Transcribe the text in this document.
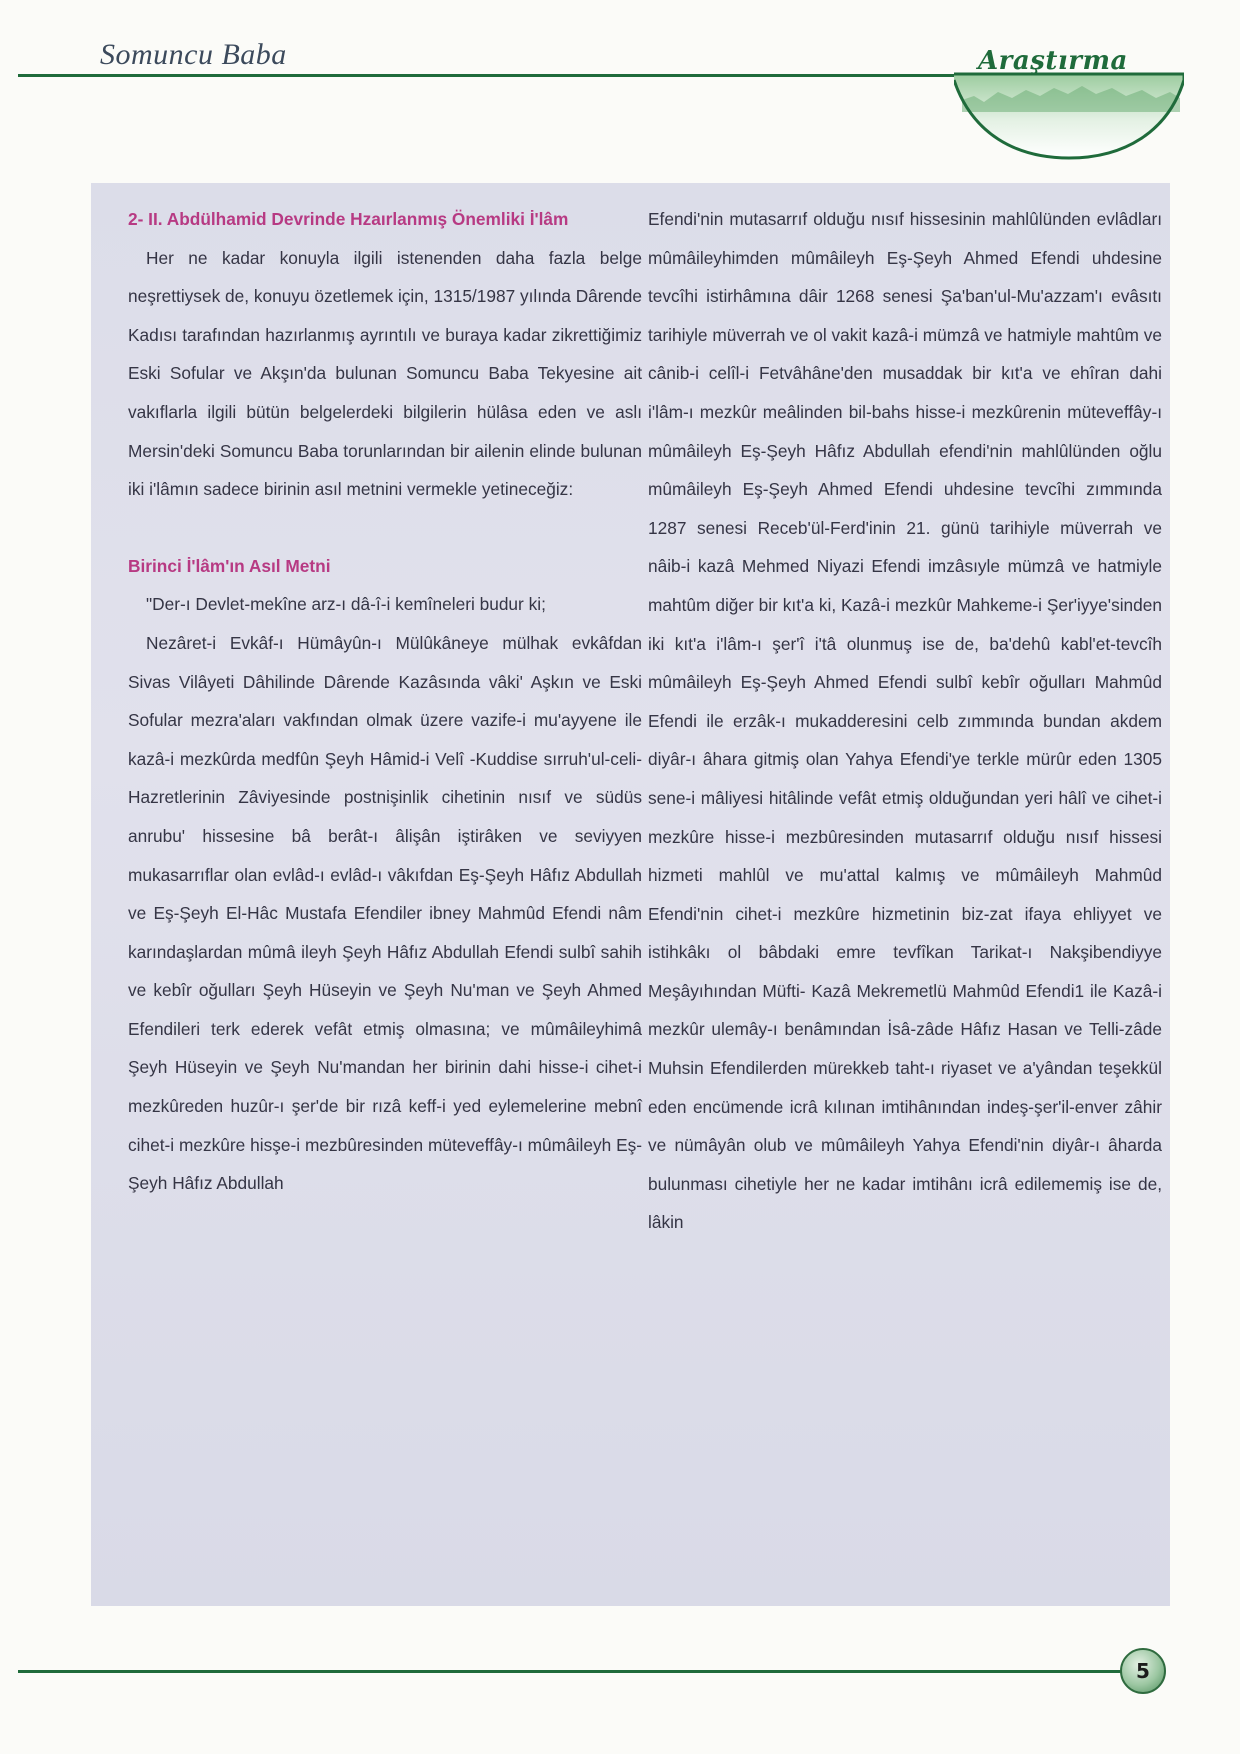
Somuncu Baba	Araştırma

2- II. Abdülhamid Devrinde Hzaırlanmış Önemliki İ'lâm

Her ne kadar konuyla ilgili istenenden daha fazla belge neşrettiysek de, konuyu özetlemek için, 1315/1987 yılında Dârende Kadısı tarafından hazırlanmış ayrıntılı ve buraya kadar zikrettiğimiz Eski Sofular ve Akşın'da bulunan Somuncu Baba Tekyesine ait vakıflarla ilgili bütün belgelerdeki bilgilerin hülâsa eden ve aslı Mersin'deki Somuncu Baba torunlarından bir ailenin elinde bulunan iki i'lâmın sadece birinin asıl metnini vermekle yetineceğiz:

Birinci İ'lâm'ın Asıl Metni

"Der-ı Devlet-mekîne arz-ı dâ-î-i kemîneleri budur ki;

Nezâret-i Evkâf-ı Hümâyûn-ı Mülûkâneye mülhak evkâfdan Sivas Vilâyeti Dâhilinde Dârende Kazâsında vâki' Aşkın ve Eski Sofular mezra'aları vakfından olmak üzere vazife-i mu'ayyene ile kazâ-i mezkûrda medfûn Şeyh Hâmid-i Velî -Kuddise sırruh'ul-celi-Hazretlerinin Zâviyesinde postnişinlik cihetinin nısıf ve südüs anrubu' hissesine bâ berât-ı âlişân iştirâken ve seviyyen mukasarrıflar olan evlâd-ı evlâd-ı vâkıfdan Eş-Şeyh Hâfız Abdullah ve Eş-Şeyh El-Hâc Mustafa Efendiler ibney Mahmûd Efendi nâm karındaşlardan mûmâ ileyh Şeyh Hâfız Abdullah Efendi sulbî sahih ve kebîr oğulları Şeyh Hüseyin ve Şeyh Nu'man ve Şeyh Ahmed Efendileri terk ederek vefât etmiş olmasına; ve mûmâileyhimâ Şeyh Hüseyin ve Şeyh Nu'mandan her birinin dahi hisse-i cihet-i mezkûreden huzûr-ı şer'de bir rızâ keff-i yed eylemelerine mebnî cihet-i mezkûre hisşe-i mezbûresinden müteveffây-ı mûmâileyh Eş-Şeyh Hâfız Abdullah

Efendi'nin mutasarrıf olduğu nısıf hissesinin mahlûlünden evlâdları mûmâileyhimden mûmâileyh Eş-Şeyh Ahmed Efendi uhdesine tevcîhi istirhâmına dâir 1268 senesi Şa'ban'ul-Mu'azzam'ı evâsıtı tarihiyle müverrah ve ol vakit kazâ-i mümzâ ve hatmiyle mahtûm ve cânib-i celîl-i Fetvâhâne'den musaddak bir kıt'a ve ehîran dahi i'lâm-ı mezkûr meâlinden bil-bahs hisse-i mezkûrenin müteveffây-ı mûmâileyh Eş-Şeyh Hâfız Abdullah efendi'nin mahlûlünden oğlu mûmâileyh Eş-Şeyh Ahmed Efendi uhdesine tevcîhi zımmında 1287 senesi Receb'ül-Ferd'inin 21. günü tarihiyle müverrah ve nâib-i kazâ Mehmed Niyazi Efendi imzâsıyle mümzâ ve hatmiyle mahtûm diğer bir kıt'a ki, Kazâ-i mezkûr Mahkeme-i Şer'iyye'sinden iki kıt'a i'lâm-ı şer'î i'tâ olunmuş ise de, ba'dehû kabl'et-tevcîh mûmâileyh Eş-Şeyh Ahmed Efendi sulbî kebîr oğulları Mahmûd Efendi ile erzâk-ı mukadderesini celb zımmında bundan akdem diyâr-ı âhara gitmiş olan Yahya Efendi'ye terkle mürûr eden 1305 sene-i mâliyesi hitâlinde vefât etmiş olduğundan yeri hâlî ve cihet-i mezkûre hisse-i mezbûresinden mutasarrıf olduğu nısıf hissesi hizmeti mahlûl ve mu'attal kalmış ve mûmâileyh Mahmûd Efendi'nin cihet-i mezkûre hizmetinin biz-zat ifaya ehliyyet ve istihkâkı ol bâbdaki emre tevfîkan Tarikat-ı Nakşibendiyye Meşâyıhından Müfti- Kazâ Mekremetlü Mahmûd Efendi1 ile Kazâ-i mezkûr ulemây-ı benâmından İsâ-zâde Hâfız Hasan ve Telli-zâde Muhsin Efendilerden mürekkeb taht-ı riyaset ve a'yândan teşekkül eden encümende icrâ kılınan imtihânından indeş-şer'il-enver zâhir ve nümâyân olub ve mûmâileyh Yahya Efendi'nin diyâr-ı âharda bulunması cihetiyle her ne kadar imtihânı icrâ edilememiş ise de, lâkin

5
